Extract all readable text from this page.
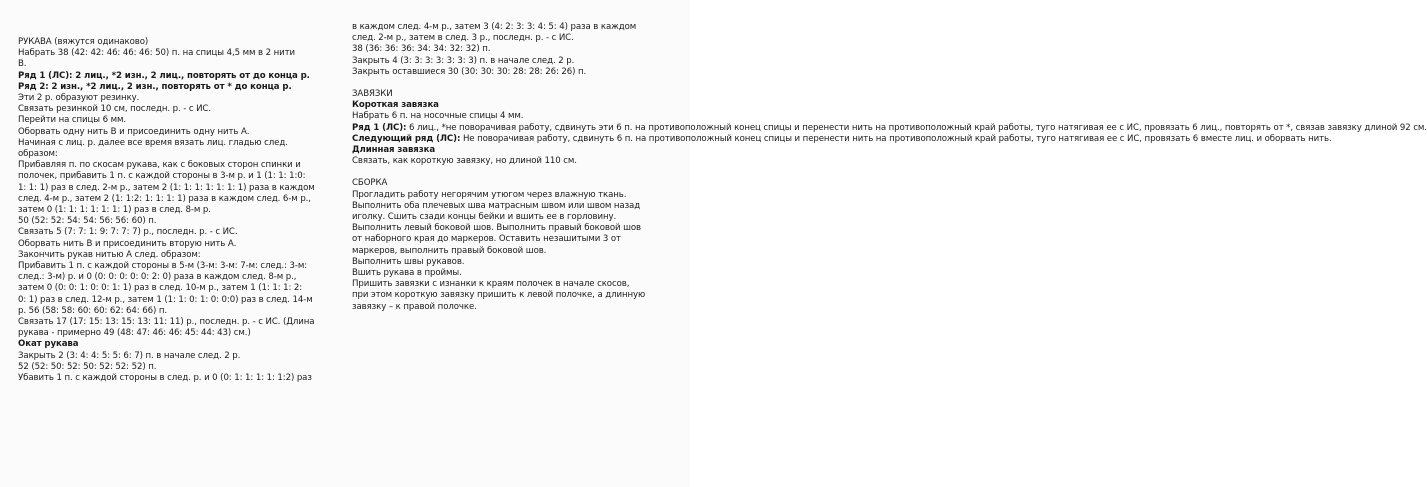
РУКАВА (вяжутся одинаково)

Набрать 38 (42: 42: 46: 46: 46: 50) п. на спицы 4,5 мм в 2 нити

В.

Ряд 1 (ЛС): 2 лиц., *2 изн., 2 лиц., повторять от до конца р.

Ряд 2: 2 изн., *2 лиц., 2 изн., повторять от * до конца р.

Эти 2 р. образуют резинку.

Связать резинкой 10 см, последн. р. - с ИС.

Перейти на спицы 6 мм.

Оборвать одну нить В и присоединить одну нить А.

Начиная с лиц. р. далее все время вязать лиц. гладью след.

образом:

Прибавляя п. по скосам рукава, как с боковых сторон спинки и

полочек, прибавить 1 п. с каждой стороны в 3-м р. и 1 (1: 1: 1:0:

1: 1: 1) раз в след. 2-м р., затем 2 (1: 1: 1: 1: 1: 1: 1) раза в каждом

след. 4-м р., затем 2 (1: 1:2: 1: 1: 1: 1) раза в каждом след. 6-м р.,

затем 0 (1: 1: 1: 1: 1: 1: 1) раз в след. 8-м р.

50 (52: 52: 54: 54: 56: 56: 60) п.

Связать 5 (7: 7: 1: 9: 7: 7: 7) р., последн. р. - с ИС.

Оборвать нить В и присоединить вторую нить А.

Закончить рукав нитью А след. образом:

Прибавить 1 п. с каждой стороны в 5-м (3-м: 3-м: 7-м: след.: 3-м:

след.: 3-м) р. и 0 (0: 0: 0: 0: 0: 2: 0) раза в каждом след. 8-м р.,

затем 0 (0: 0: 1: 0: 0: 1: 1) раз в след. 10-м р., затем 1 (1: 1: 1: 2:

0: 1) раз в след. 12-м р., затем 1 (1: 1: 0: 1: 0: 0:0) раз в след. 14-м

р. 56 (58: 58: 60: 60: 62: 64: 66) п.

Связать 17 (17: 15: 13: 15: 13: 11: 11) р., последн. р. - с ИС. (Длина

рукава - примерно 49 (48: 47: 46: 46: 45: 44: 43) см.)

Окат рукава

Закрыть 2 (3: 4: 4: 5: 5: 6: 7) п. в начале след. 2 р.

52 (52: 50: 52: 50: 52: 52: 52) п.

Убавить 1 п. с каждой стороны в след. р. и 0 (0: 1: 1: 1: 1: 1:2) раз

в каждом след. 4-м р., затем 3 (4: 2: 3: 3: 4: 5: 4) раза в каждом

след. 2-м р., затем в след. 3 р., последн. р. - с ИС.

38 (36: 36: 36: 34: 34: 32: 32) п.

Закрыть 4 (3: 3: 3: 3: 3: 3: 3) п. в начале след. 2 р.

Закрыть оставшиеся 30 (30: 30: 30: 28: 28: 26: 26) п.

ЗАВЯЗКИ

Короткая завязка

Набрать 6 п. на носочные спицы 4 мм.

Ряд 1 (ЛС): 6 лиц., *не поворачивая работу, сдвинуть эти 6 п. на противоположный конец спицы и перенести нить на противоположный край работы, туго натягивая ее с ИС, провязать 6 лиц., повторять от *, связав завязку длиной 92 см.

Следующий ряд (ЛС): Не поворачивая работу, сдвинуть 6 п. на противоположный конец спицы и перенести нить на противоположный край работы, туго натягивая ее с ИС, провязать 6 вместе лиц. и оборвать нить.

Длинная завязка

Связать, как короткую завязку, но длиной 110 см.

СБОРКА

Прогладить работу негорячим утюгом через влажную ткань.

Выполнить оба плечевых шва матрасным швом или швом назад

иголку. Сшить сзади концы бейки и вшить ее в горловину.

Выполнить левый боковой шов. Выполнить правый боковой шов

от наборного края до маркеров. Оставить незашитыми 3 от

маркеров, выполнить правый боковой шов.

Выполнить швы рукавов.

Вшить рукава в проймы.

Пришить завязки с изнанки к краям полочек в начале скосов,

при этом короткую завязку пришить к левой полочке, а длинную

завязку – к правой полочке.
